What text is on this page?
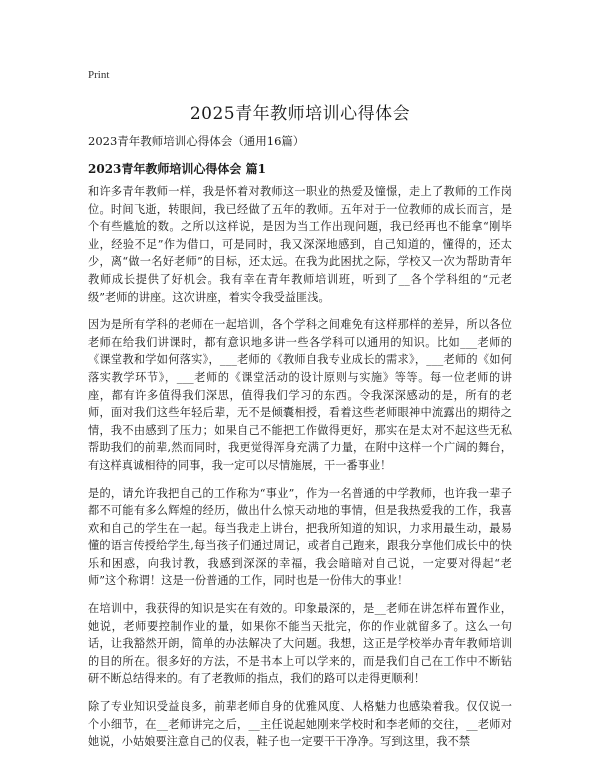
Print
2025青年教师培训心得体会

2023青年教师培训心得体会（通用16篇）

2023青年教师培训心得体会 篇1

和许多青年教师一样，我是怀着对教师这一职业的热爱及憧憬，走上了教师的工作岗位。时间飞逝，转眼间，我已经做了五年的教师。五年对于一位教师的成长而言，是个有些尴尬的数。之所以这样说，是因为当工作出现问题，我已经再也不能拿“刚毕业，经验不足”作为借口，可是同时，我又深深地感到，自己知道的，懂得的，还太少，离“做一名好老师”的目标，还太远。在我为此困扰之际，学校又一次为帮助青年教师成长提供了好机会。我有幸在青年教师培训班，听到了__各个学科组的“元老级”老师的讲座。这次讲座，着实令我受益匪浅。

因为是所有学科的老师在一起培训，各个学科之间难免有这样那样的差异，所以各位老师在给我们讲课时，都有意识地多讲一些各学科可以通用的知识。比如___老师的《课堂教和学如何落实》，___老师的《教师自我专业成长的需求》，___老师的《如何落实教学环节》，___老师的《课堂活动的设计原则与实施》等等。每一位老师的讲座，都有许多值得我们深思，值得我们学习的东西。令我深深感动的是，所有的老师，面对我们这些年轻后辈，无不是倾囊相授，看着这些老师眼神中流露出的期待之情，我不由感到了压力；如果自己不能把工作做得更好，那实在是太对不起这些无私帮助我们的前辈,然而同时，我更觉得浑身充满了力量，在附中这样一个广阔的舞台，有这样真诚相待的同事，我一定可以尽情施展，干一番事业！

是的，请允许我把自己的工作称为“事业”，作为一名普通的中学教师，也许我一辈子都不可能有多么辉煌的经历，做出什么惊天动地的事情，但是我热爱我的工作，我喜欢和自己的学生在一起。每当我走上讲台，把我所知道的知识，力求用最生动，最易懂的语言传授给学生,每当孩子们通过周记，或者自己跑来，跟我分享他们成长中的快乐和困惑，向我讨教，我感到深深的幸福，我会暗暗对自己说，一定要对得起“老师”这个称谓！这是一份普通的工作，同时也是一份伟大的事业！

在培训中，我获得的知识是实在有效的。印象最深的，是__老师在讲怎样布置作业，她说，老师要控制作业的量，如果你不能当天批完，你的作业就留多了。这么一句话，让我豁然开朗，简单的办法解决了大问题。我想，这正是学校举办青年教师培训的目的所在。很多好的方法，不是书本上可以学来的，而是我们自己在工作中不断钻研不断总结得来的。有了老教师的指点，我们的路可以走得更顺利！

除了专业知识受益良多，前辈老师自身的优雅风度、人格魅力也感染着我。仅仅说一个小细节，在__老师讲完之后，__主任说起她刚来学校时和李老师的交往，__老师对她说，小姑娘要注意自己的仪表，鞋子也一定要干干净净。写到这里，我不禁
